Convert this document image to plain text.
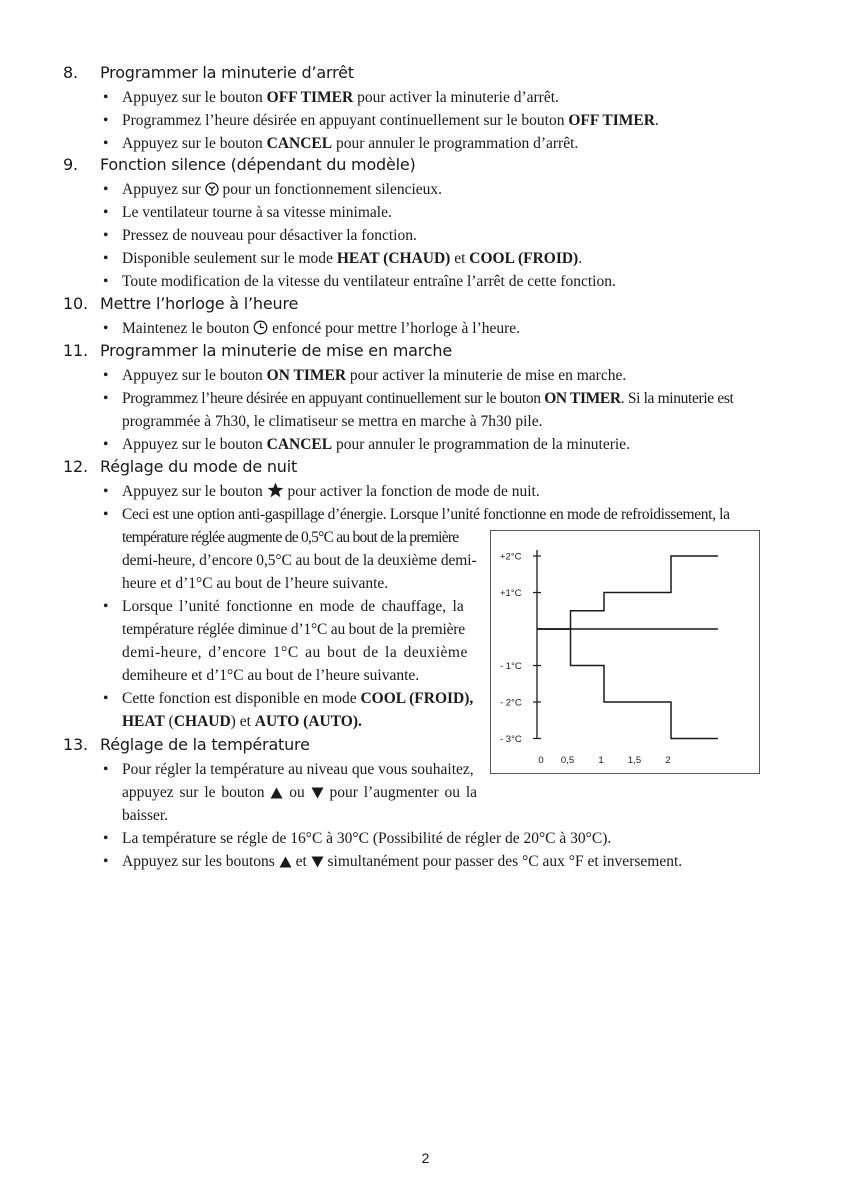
8. Programmer la minuterie d’arrêt
• Appuyez sur le bouton OFF TIMER pour activer la minuterie d’arrêt.
• Programmez l’heure désirée en appuyant continuellement sur le bouton OFF TIMER.
• Appuyez sur le bouton CANCEL pour annuler le programmation d’arrêt.
9. Fonction silence (dépendant du modèle)
• Appuyez sur  pour un fonctionnement silencieux.
• Le ventilateur tourne à sa vitesse minimale.
• Pressez de nouveau pour désactiver la fonction.
• Disponible seulement sur le mode HEAT (CHAUD) et COOL (FROID).
• Toute modification de la vitesse du ventilateur entraîne l’arrêt de cette fonction.
10. Mettre l’horloge à l’heure
• Maintenez le bouton  enfoncé pour mettre l’horloge à l’heure.
11. Programmer la minuterie de mise en marche
• Appuyez sur le bouton ON TIMER pour activer la minuterie de mise en marche.
• Programmez l’heure désirée en appuyant continuellement sur le bouton ON TIMER. Si la minuterie est
programmée à 7h30, le climatiseur se mettra en marche à 7h30 pile.
• Appuyez sur le bouton CANCEL pour annuler le programmation de la minuterie.
12. Réglage du mode de nuit
• Appuyez sur le bouton  pour activer la fonction de mode de nuit.
• Ceci est une option anti-gaspillage d’énergie. Lorsque l’unité fonctionne en mode de refroidissement, la
température réglée augmente de 0,5°C au bout de la première
demi-heure, d’encore 0,5°C au bout de la deuxième demi-
heure et d’1°C au bout de l’heure suivante.
• Lorsque l’unité fonctionne en mode de chauffage, la
température réglée diminue d’1°C au bout de la première
demi-heure, d’encore 1°C au bout de la deuxième
demiheure et d’1°C au bout de l’heure suivante.
• Cette fonction est disponible en mode COOL (FROID),
HEAT (CHAUD) et AUTO (AUTO).
13. Réglage de la température
• Pour régler la température au niveau que vous souhaitez,
appuyez sur le bouton  ou  pour l’augmenter ou la
baisser.
• La température se régle de 16°C à 30°C (Possibilité de régler de 20°C à 30°C).
• Appuyez sur les boutons  et  simultanément pour passer des °C aux °F et inversement.
+2°C
+1°C
- 1°C
- 2°C
- 3°C
0 0,5	1	1,5	2
2
